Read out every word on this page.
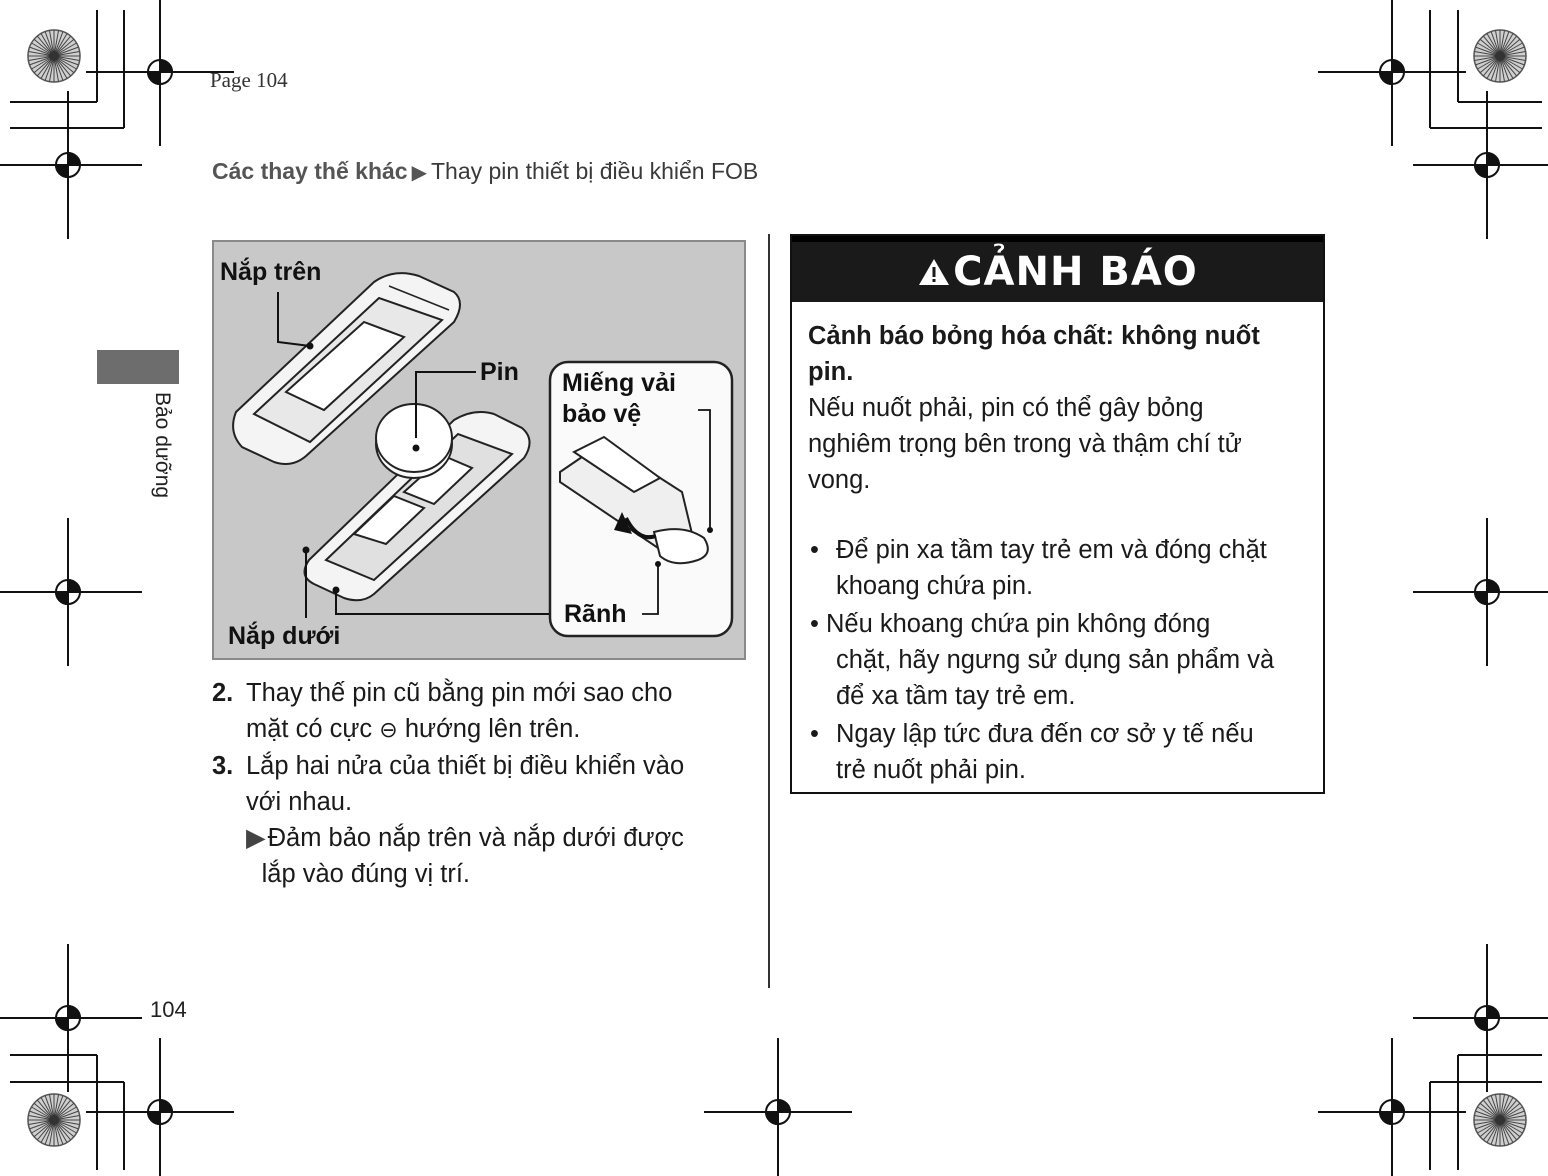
Page 104
Các thay thế khác ▶ Thay pin thiết bị điều khiển FOB
Bảo dưỡng
Nắp trên
Pin Miếng vải
bảo vệ
Rãnh
Nắp dưới
2. Thay thế pin cũ bằng pin mới sao cho
mặt có cực ⊖ hướng lên trên.
3. Lắp hai nửa của thiết bị điều khiển vào
với nhau.
▶ Đảm bảo nắp trên và nắp dưới được
lắp vào đúng vị trí.
CẢNH BÁO
Cảnh báo bỏng hóa chất: không nuốt
pin.
Nếu nuốt phải, pin có thể gây bỏng
nghiêm trọng bên trong và thậm chí tử
vong.
• Để pin xa tầm tay trẻ em và đóng chặt
khoang chứa pin.
• Nếu khoang chứa pin không đóng
chặt, hãy ngưng sử dụng sản phẩm và
để xa tầm tay trẻ em.
• Ngay lập tức đưa đến cơ sở y tế nếu
trẻ nuốt phải pin.
104
